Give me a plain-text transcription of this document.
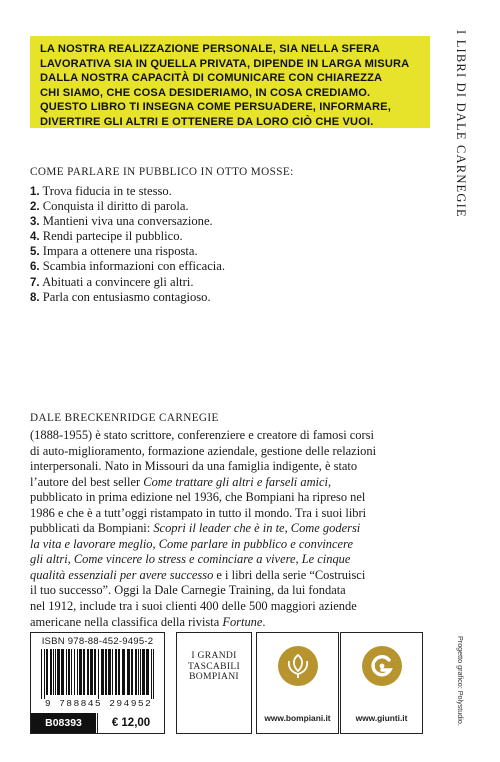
LA NOSTRA REALIZZAZIONE PERSONALE, SIA NELLA SFERA
LAVORATIVA SIA IN QUELLA PRIVATA, DIPENDE IN LARGA MISURA
DALLA NOSTRA CAPACITÀ DI COMUNICARE CON CHIAREZZA
CHI SIAMO, CHE COSA DESIDERIAMO, IN COSA CREDIAMO.
QUESTO LIBRO TI INSEGNA COME PERSUADERE, INFORMARE,
DIVERTIRE GLI ALTRI E OTTENERE DA LORO CIÒ CHE VUOI.	I LIBRI DI DALE CARNEGIE
COME PARLARE IN PUBBLICO IN OTTO MOSSE:
1. Trova fiducia in te stesso.
2. Conquista il diritto di parola.
3. Mantieni viva una conversazione.
4. Rendi partecipe il pubblico.
5. Impara a ottenere una risposta.
6. Scambia informazioni con efficacia.
7. Abituati a convincere gli altri.
8. Parla con entusiasmo contagioso.
DALE BRECKENRIDGE CARNEGIE
(1888-1955) è stato scrittore, conferenziere e creatore di famosi corsi
di auto-miglioramento, formazione aziendale, gestione delle relazioni
interpersonali. Nato in Missouri da una famiglia indigente, è stato
l’autore del best seller Come trattare gli altri e farseli amici,
pubblicato in prima edizione nel 1936, che Bompiani ha ripreso nel
1986 e che è a tutt’oggi ristampato in tutto il mondo. Tra i suoi libri
pubblicati da Bompiani: Scopri il leader che è in te, Come godersi
la vita e lavorare meglio, Come parlare in pubblico e convincere
gli altri, Come vincere lo stress e cominciare a vivere, Le cinque
qualità essenziali per avere successo e i libri della serie “Costruisci
il tuo successo”. Oggi la Dale Carnegie Training, da lui fondata
nel 1912, include tra i suoi clienti 400 delle 500 maggiori aziende
americane nella classifica della rivista Fortune.
ISBN 978-88-452-9495-2
9 788845 294952
B08393	€ 12,00
I GRANDI
TASCABILI
BOMPIANI
www.bompiani.it	www.giunti.it	Progetto grafico: Polystudio.
